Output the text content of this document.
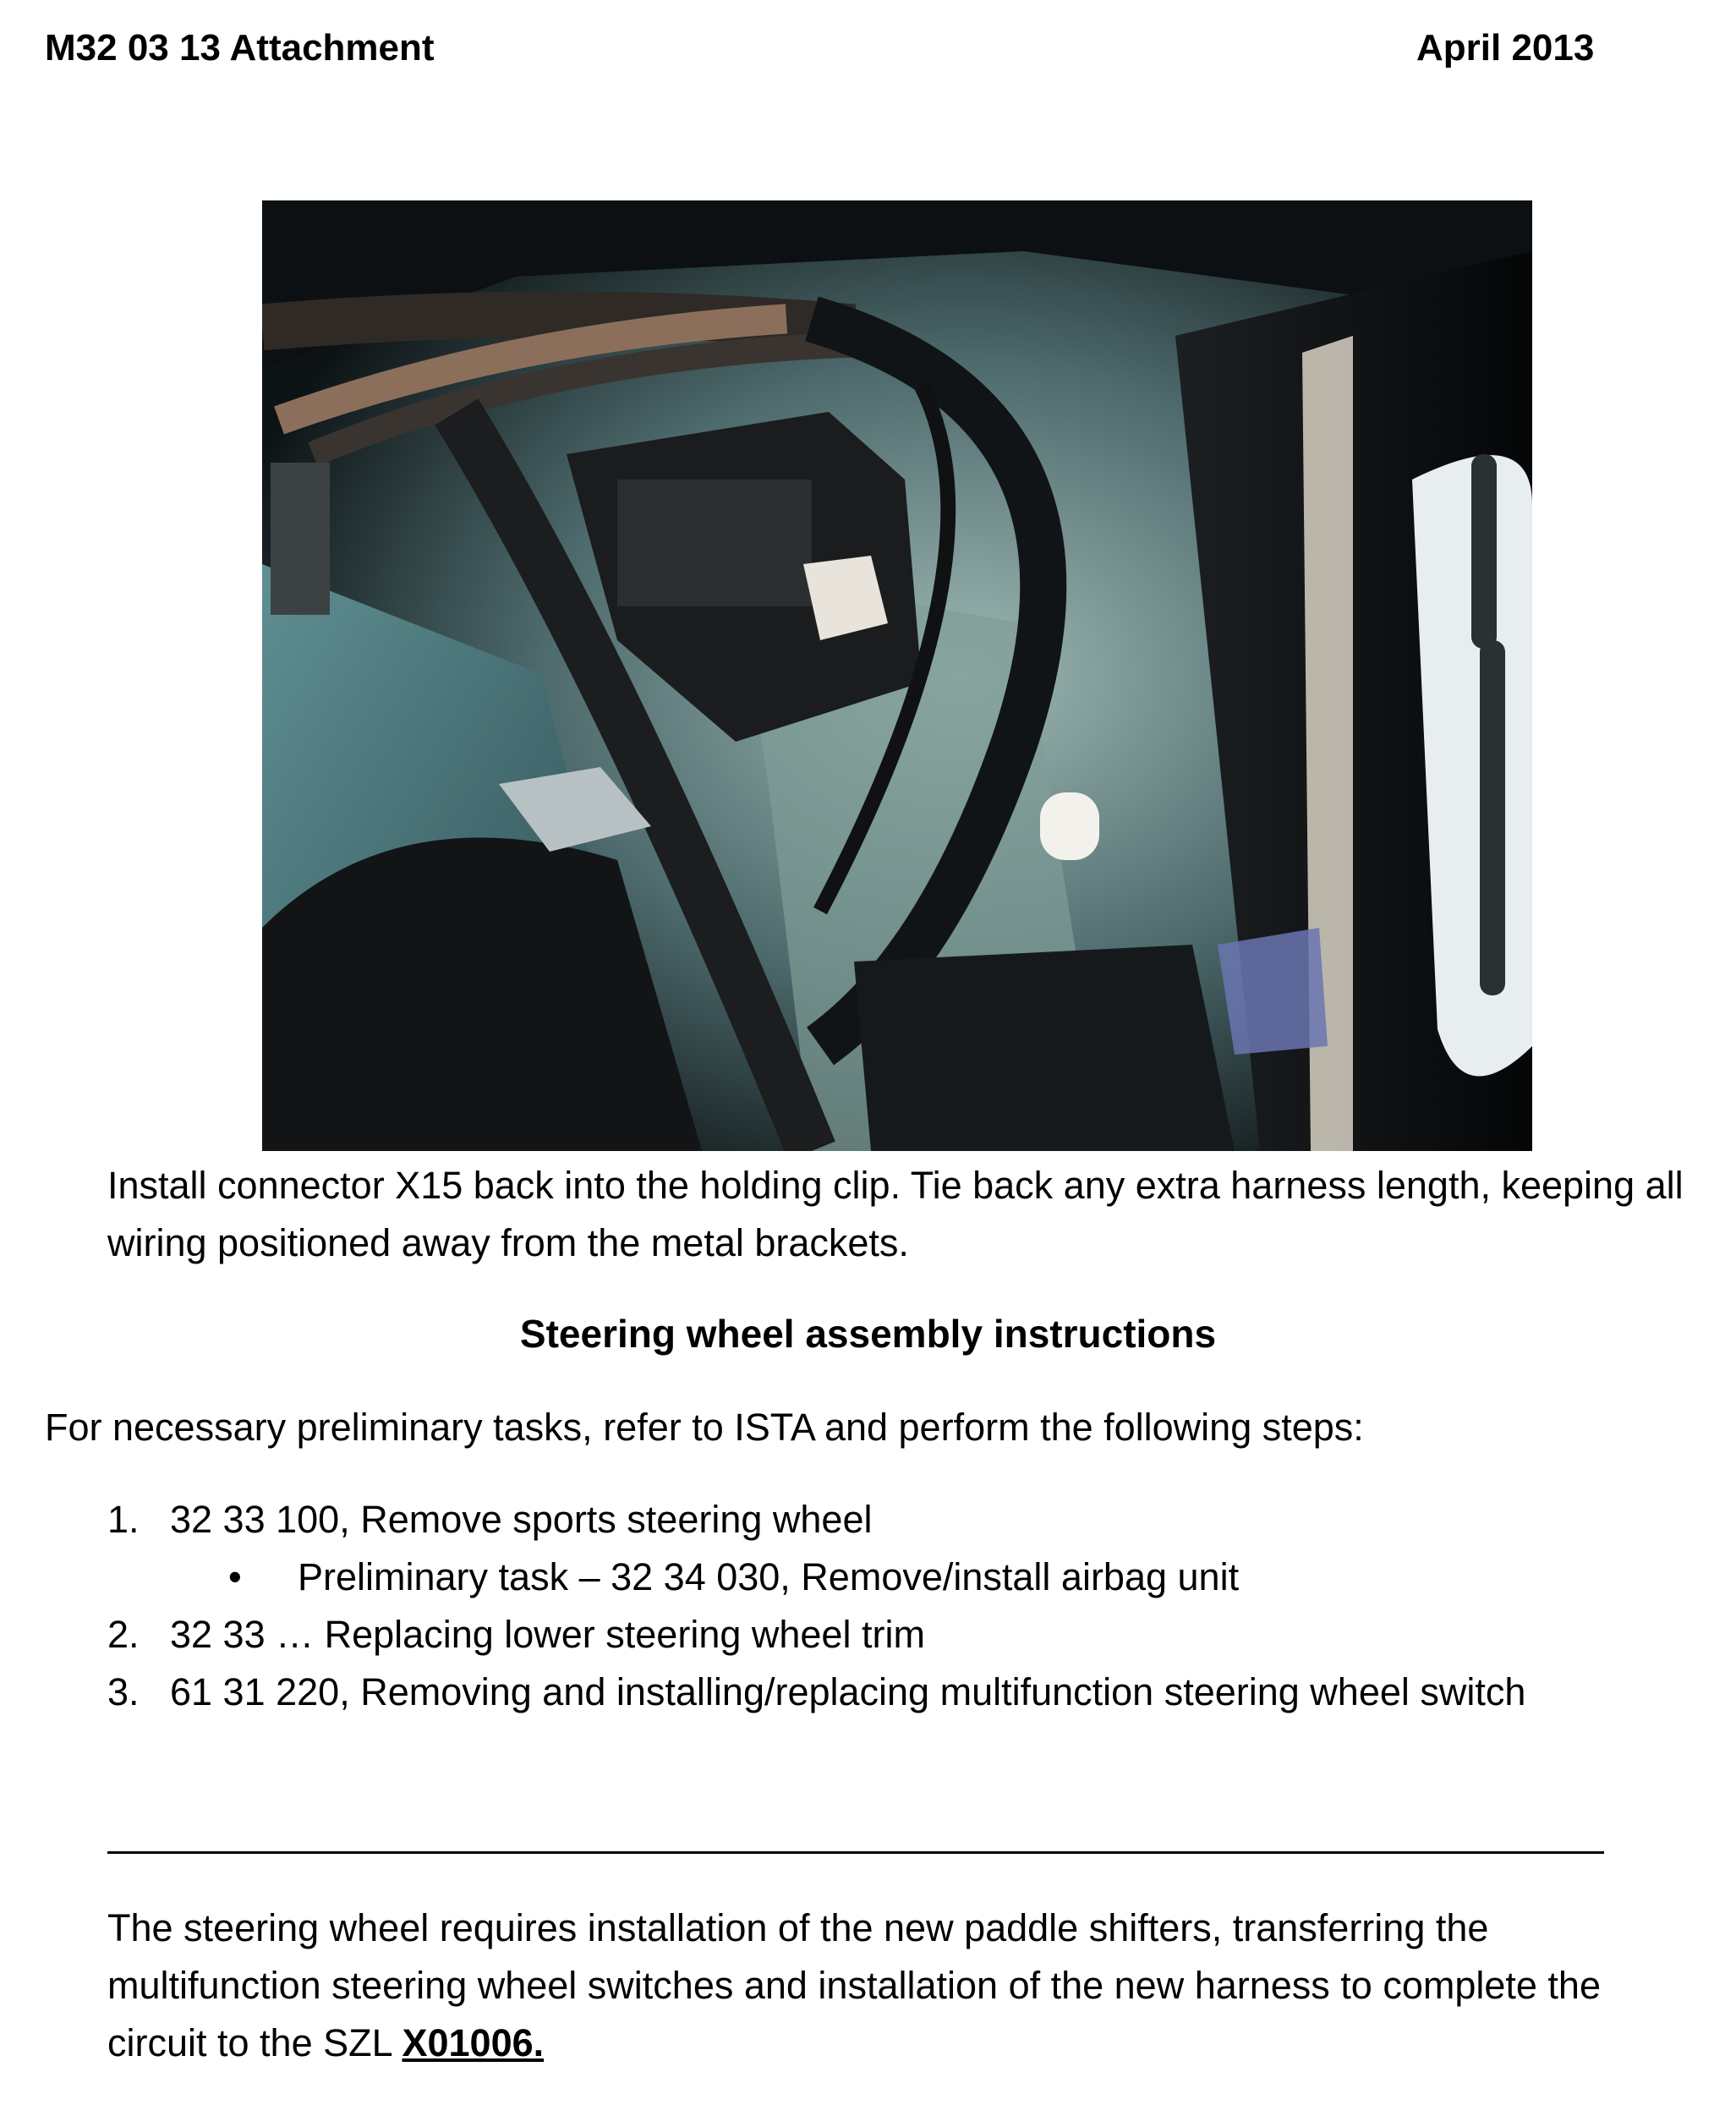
M32 03 13 Attachment	April 2013

Install connector X15 back into the holding clip. Tie back any extra harness length, keeping all wiring positioned away from the metal brackets.

Steering wheel assembly instructions

For necessary preliminary tasks, refer to ISTA and perform the following steps:

1. 32 33 100, Remove sports steering wheel
• Preliminary task – 32 34 030, Remove/install airbag unit
2. 32 33 … Replacing lower steering wheel trim
3. 61 31 220, Removing and installing/replacing multifunction steering wheel switch

The steering wheel requires installation of the new paddle shifters, transferring the multifunction steering wheel switches and installation of the new harness to complete the circuit to the SZL X01006.
